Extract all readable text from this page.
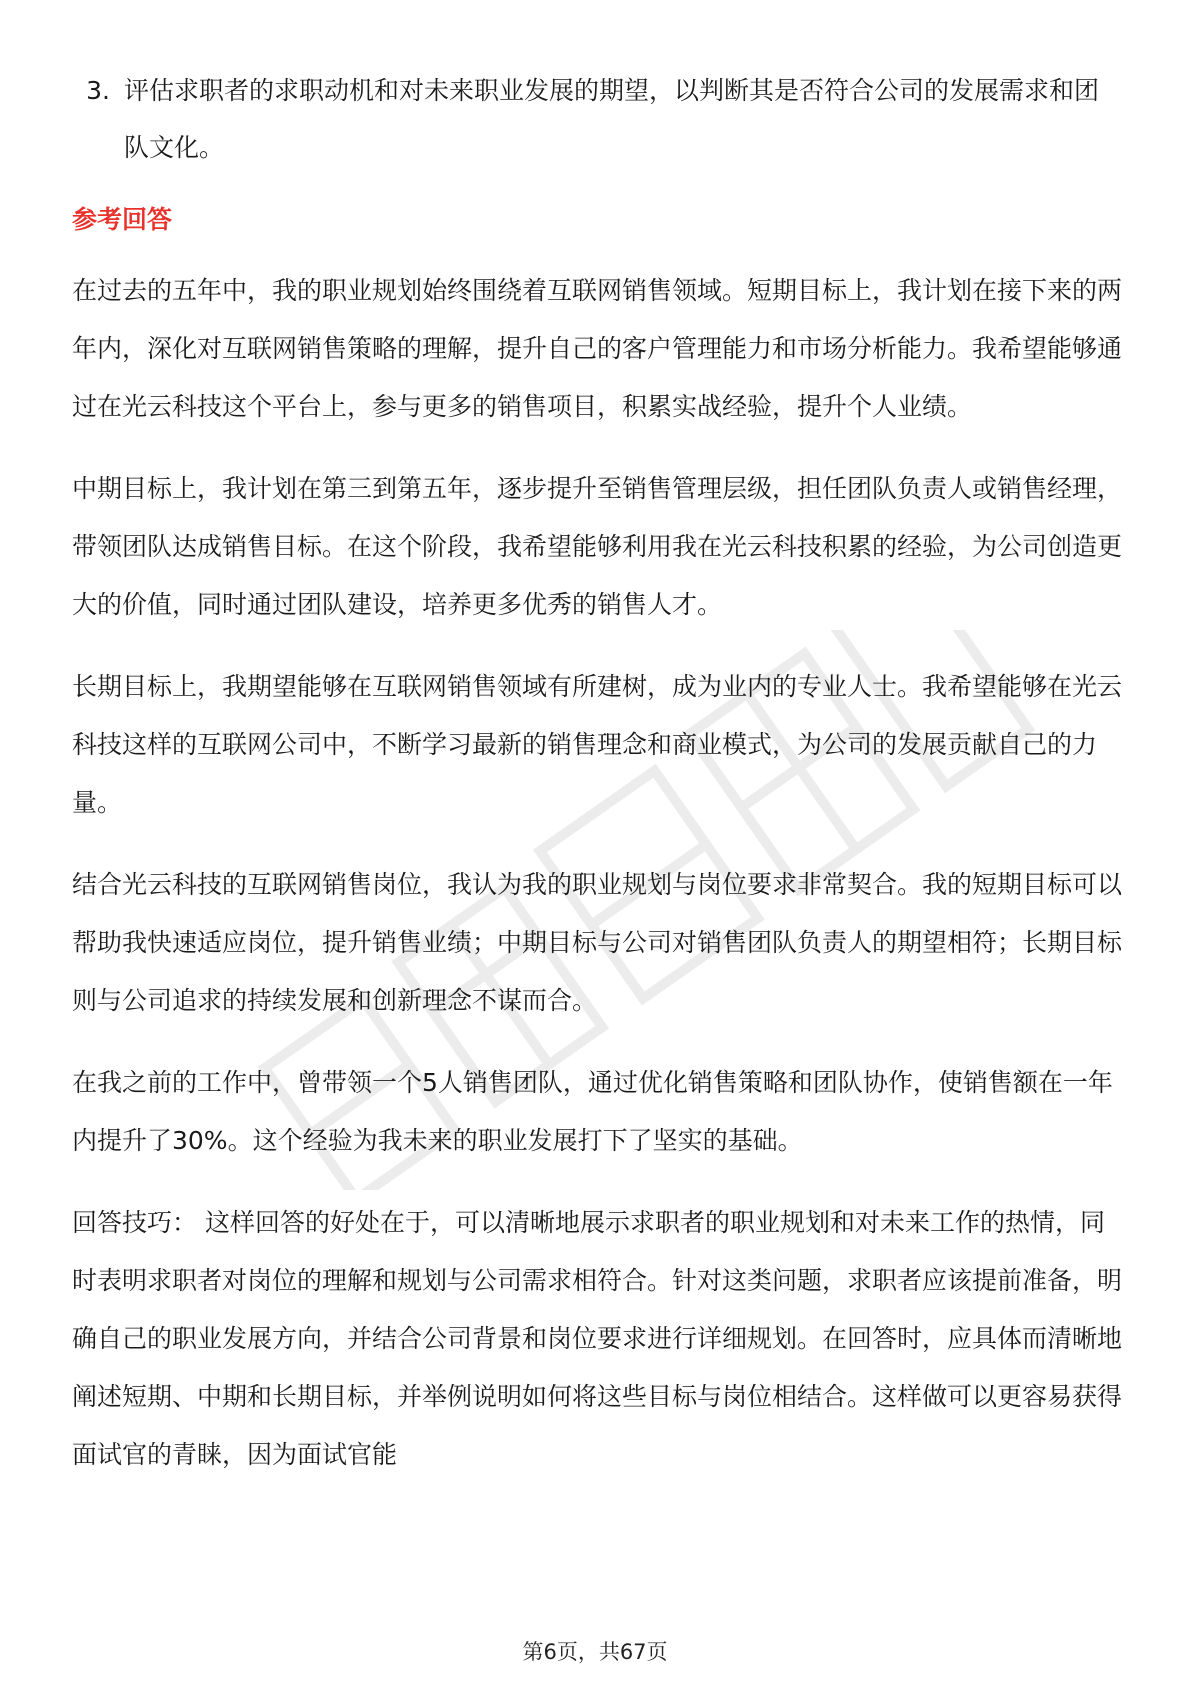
3. 评估求职者的求职动机和对未来职业发展的期望，以判断其是否符合公司的发展需求和团队文化。
参考回答

在过去的五年中，我的职业规划始终围绕着互联网销售领域。短期目标上，我计划在接下来的两年内，深化对互联网销售策略的理解，提升自己的客户管理能力和市场分析能力。我希望能够通过在光云科技这个平台上，参与更多的销售项目，积累实战经验，提升个人业绩。

中期目标上，我计划在第三到第五年，逐步提升至销售管理层级，担任团队负责人或销售经理，带领团队达成销售目标。在这个阶段，我希望能够利用我在光云科技积累的经验，为公司创造更大的价值，同时通过团队建设，培养更多优秀的销售人才。

长期目标上，我期望能够在互联网销售领域有所建树，成为业内的专业人士。我希望能够在光云科技这样的互联网公司中，不断学习最新的销售理念和商业模式，为公司的发展贡献自己的力量。

结合光云科技的互联网销售岗位，我认为我的职业规划与岗位要求非常契合。我的短期目标可以帮助我快速适应岗位，提升销售业绩；中期目标与公司对销售团队负责人的期望相符；长期目标则与公司追求的持续发展和创新理念不谋而合。

在我之前的工作中，曾带领一个5人销售团队，通过优化销售策略和团队协作，使销售额在一年内提升了30%。这个经验为我未来的职业发展打下了坚实的基础。

回答技巧： 这样回答的好处在于，可以清晰地展示求职者的职业规划和对未来工作的热情，同时表明求职者对岗位的理解和规划与公司需求相符合。针对这类问题，求职者应该提前准备，明确自己的职业发展方向，并结合公司背景和岗位要求进行详细规划。在回答时，应具体而清晰地阐述短期、中期和长期目标，并举例说明如何将这些目标与岗位相结合。这样做可以更容易获得面试官的青睐，因为面试官能

第6页，共67页
